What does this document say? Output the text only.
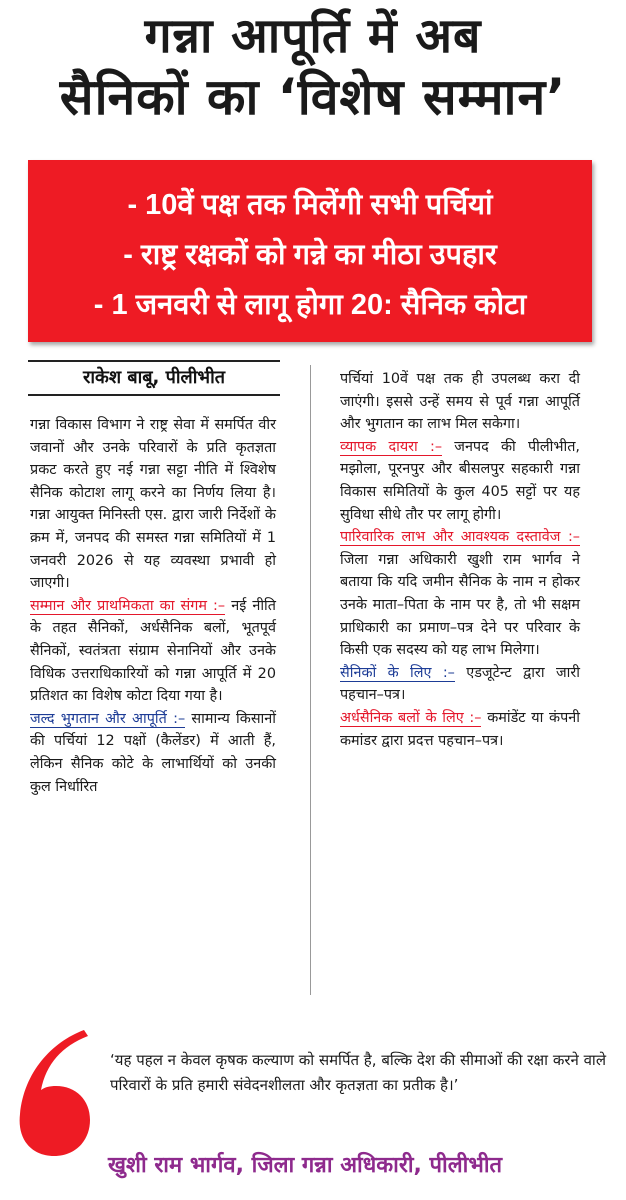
गन्ना आपूर्ति में अब
सैनिकों का ‘विशेष सम्मान’
- 10वें पक्ष तक मिलेंगी सभी पर्चियां
- राष्ट्र रक्षकों को गन्ने का मीठा उपहार
- 1 जनवरी से लागू होगा 20: सैनिक कोटा
राकेश बाबू, पीलीभीत

गन्ना विकास विभाग ने राष्ट्र सेवा में समर्पित वीर जवानों और उनके परिवारों के प्रति कृतज्ञता प्रकट करते हुए नई गन्ना सट्टा नीति में श्विशेष सैनिक कोटाश लागू करने का निर्णय लिया है। गन्ना आयुक्त मिनिस्ती एस. द्वारा जारी निर्देशों के क्रम में, जनपद की समस्त गन्ना समितियों में 1 जनवरी 2026 से यह व्यवस्था प्रभावी हो जाएगी।

सम्मान और प्राथमिकता का संगम :– नई नीति के तहत सैनिकों, अर्धसैनिक बलों, भूतपूर्व सैनिकों, स्वतंत्रता संग्राम सेनानियों और उनके विधिक उत्तराधिकारियों को गन्ना आपूर्ति में 20 प्रतिशत का विशेष कोटा दिया गया है।

जल्द भुगतान और आपूर्ति :– सामान्य किसानों की पर्चियां 12 पक्षों (कैलेंडर) में आती हैं, लेकिन सैनिक कोटे के लाभार्थियों को उनकी कुल निर्धारित

पर्चियां 10वें पक्ष तक ही उपलब्ध करा दी जाएंगी। इससे उन्हें समय से पूर्व गन्ना आपूर्ति और भुगतान का लाभ मिल सकेगा।

व्यापक दायरा :– जनपद की पीलीभीत, मझोला, पूरनपुर और बीसलपुर सहकारी गन्ना विकास समितियों के कुल 405 सट्टों पर यह सुविधा सीधे तौर पर लागू होगी।

पारिवारिक लाभ और आवश्यक दस्तावेज :– जिला गन्ना अधिकारी खुशी राम भार्गव ने बताया कि यदि जमीन सैनिक के नाम न होकर उनके माता–पिता के नाम पर है, तो भी सक्षम प्राधिकारी का प्रमाण–पत्र देने पर परिवार के किसी एक सदस्य को यह लाभ मिलेगा।

सैनिकों के लिए :– एडजूटेन्ट द्वारा जारी पहचान–पत्र।

अर्धसैनिक बलों के लिए :– कमांडेंट या कंपनी कमांडर द्वारा प्रदत्त पहचान–पत्र।

‘यह पहल न केवल कृषक कल्याण को समर्पित है, बल्कि देश की सीमाओं की रक्षा करने वाले परिवारों के प्रति हमारी संवेदनशीलता और कृतज्ञता का प्रतीक है।’
खुशी राम भार्गव, जिला गन्ना अधिकारी, पीलीभीत
